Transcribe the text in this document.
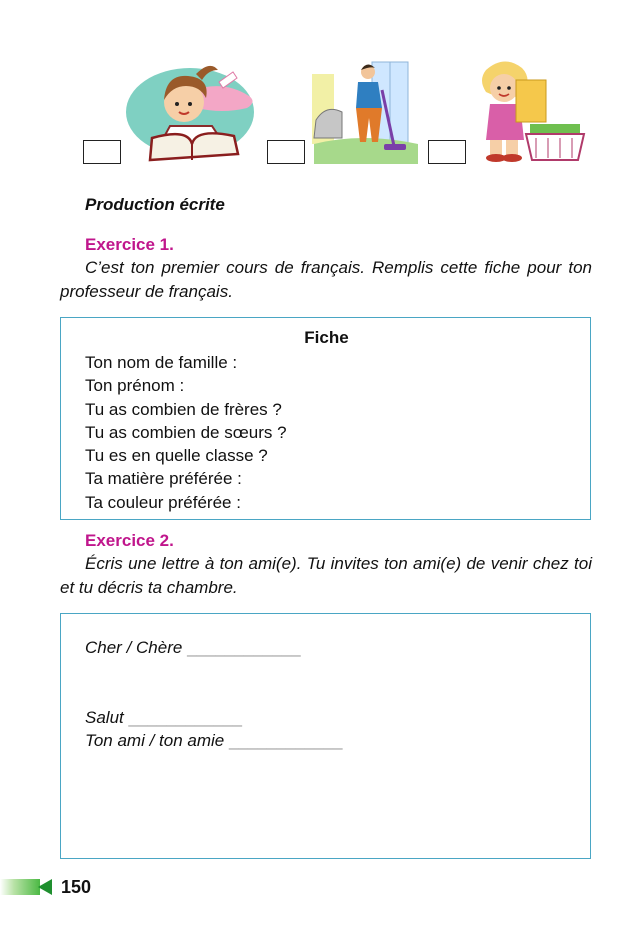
Production écrite
Exercice 1.

C’est ton premier cours de français. Remplis cette fiche pour ton professeur de français.

Fiche
Ton nom de famille :
Ton prénom :
Tu as combien de frères ?
Tu as combien de sœurs ?
Tu es en quelle classe ?
Ta matière préférée :
Ta couleur préférée :
Exercice 2.

Écris une lettre à ton ami(e). Tu invites ton ami(e) de venir chez toi et tu décris ta chambre.

Cher / Chère ____________
Salut ____________
Ton ami / ton amie ____________
150
